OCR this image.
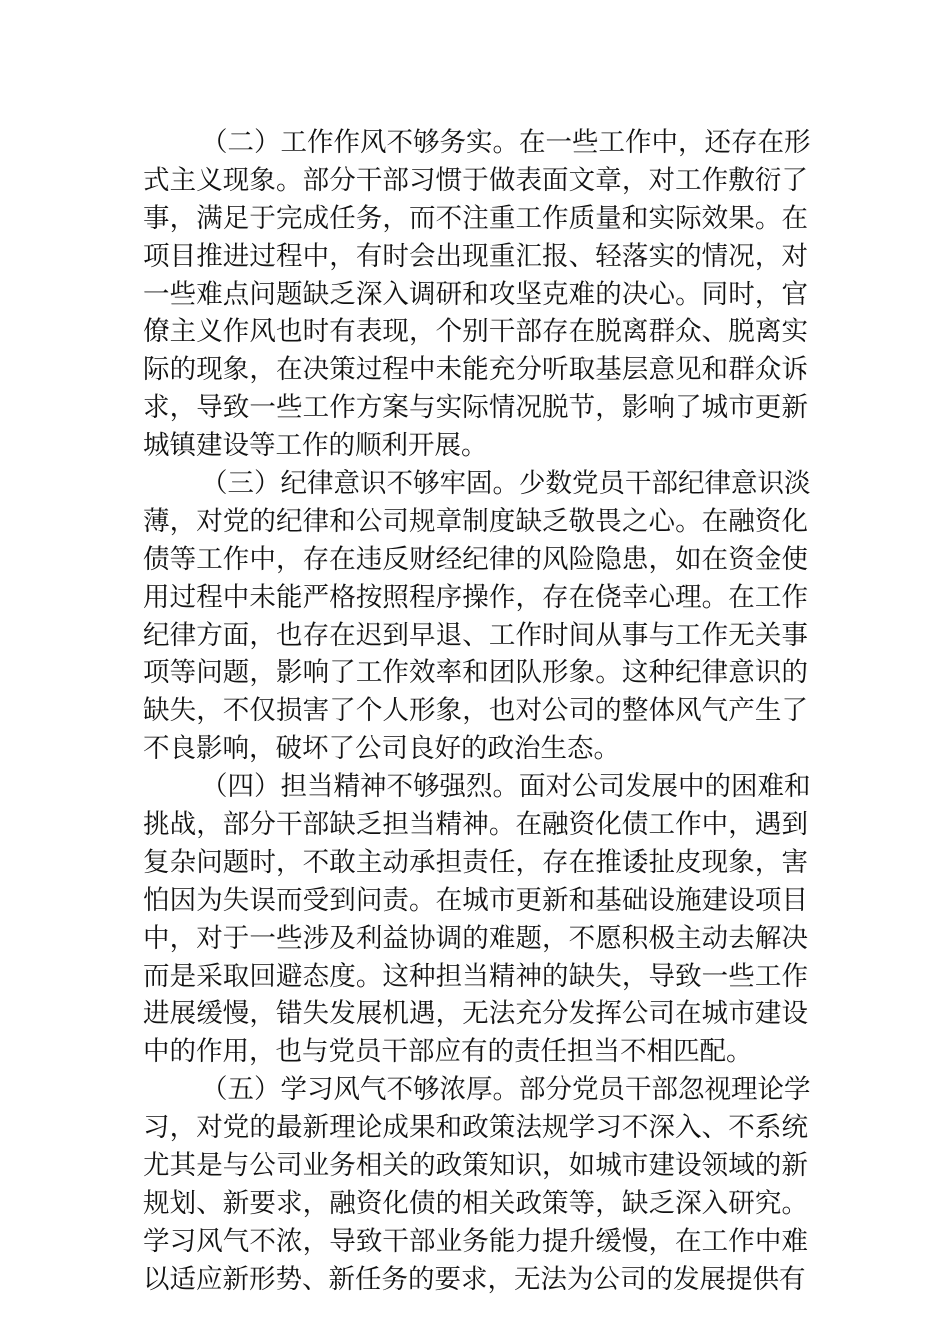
（二）工作作风不够务实。在一些工作中，还存在形
式主义现象。部分干部习惯于做表面文章，对工作敷衍了
事，满足于完成任务，而不注重工作质量和实际效果。在
项目推进过程中，有时会出现重汇报、轻落实的情况，对
一些难点问题缺乏深入调研和攻坚克难的决心。同时，官
僚主义作风也时有表现，个别干部存在脱离群众、脱离实
际的现象，在决策过程中未能充分听取基层意见和群众诉
求，导致一些工作方案与实际情况脱节，影响了城市更新
城镇建设等工作的顺利开展。
（三）纪律意识不够牢固。少数党员干部纪律意识淡
薄，对党的纪律和公司规章制度缺乏敬畏之心。在融资化
债等工作中，存在违反财经纪律的风险隐患，如在资金使
用过程中未能严格按照程序操作，存在侥幸心理。在工作
纪律方面，也存在迟到早退、工作时间从事与工作无关事
项等问题，影响了工作效率和团队形象。这种纪律意识的
缺失，不仅损害了个人形象，也对公司的整体风气产生了
不良影响，破坏了公司良好的政治生态。
（四）担当精神不够强烈。面对公司发展中的困难和
挑战，部分干部缺乏担当精神。在融资化债工作中，遇到
复杂问题时，不敢主动承担责任，存在推诿扯皮现象，害
怕因为失误而受到问责。在城市更新和基础设施建设项目
中，对于一些涉及利益协调的难题，不愿积极主动去解决
而是采取回避态度。这种担当精神的缺失，导致一些工作
进展缓慢，错失发展机遇，无法充分发挥公司在城市建设
中的作用，也与党员干部应有的责任担当不相匹配。
（五）学习风气不够浓厚。部分党员干部忽视理论学
习，对党的最新理论成果和政策法规学习不深入、不系统
尤其是与公司业务相关的政策知识，如城市建设领域的新
规划、新要求，融资化债的相关政策等，缺乏深入研究。
学习风气不浓，导致干部业务能力提升缓慢，在工作中难
以适应新形势、新任务的要求，无法为公司的发展提供有
